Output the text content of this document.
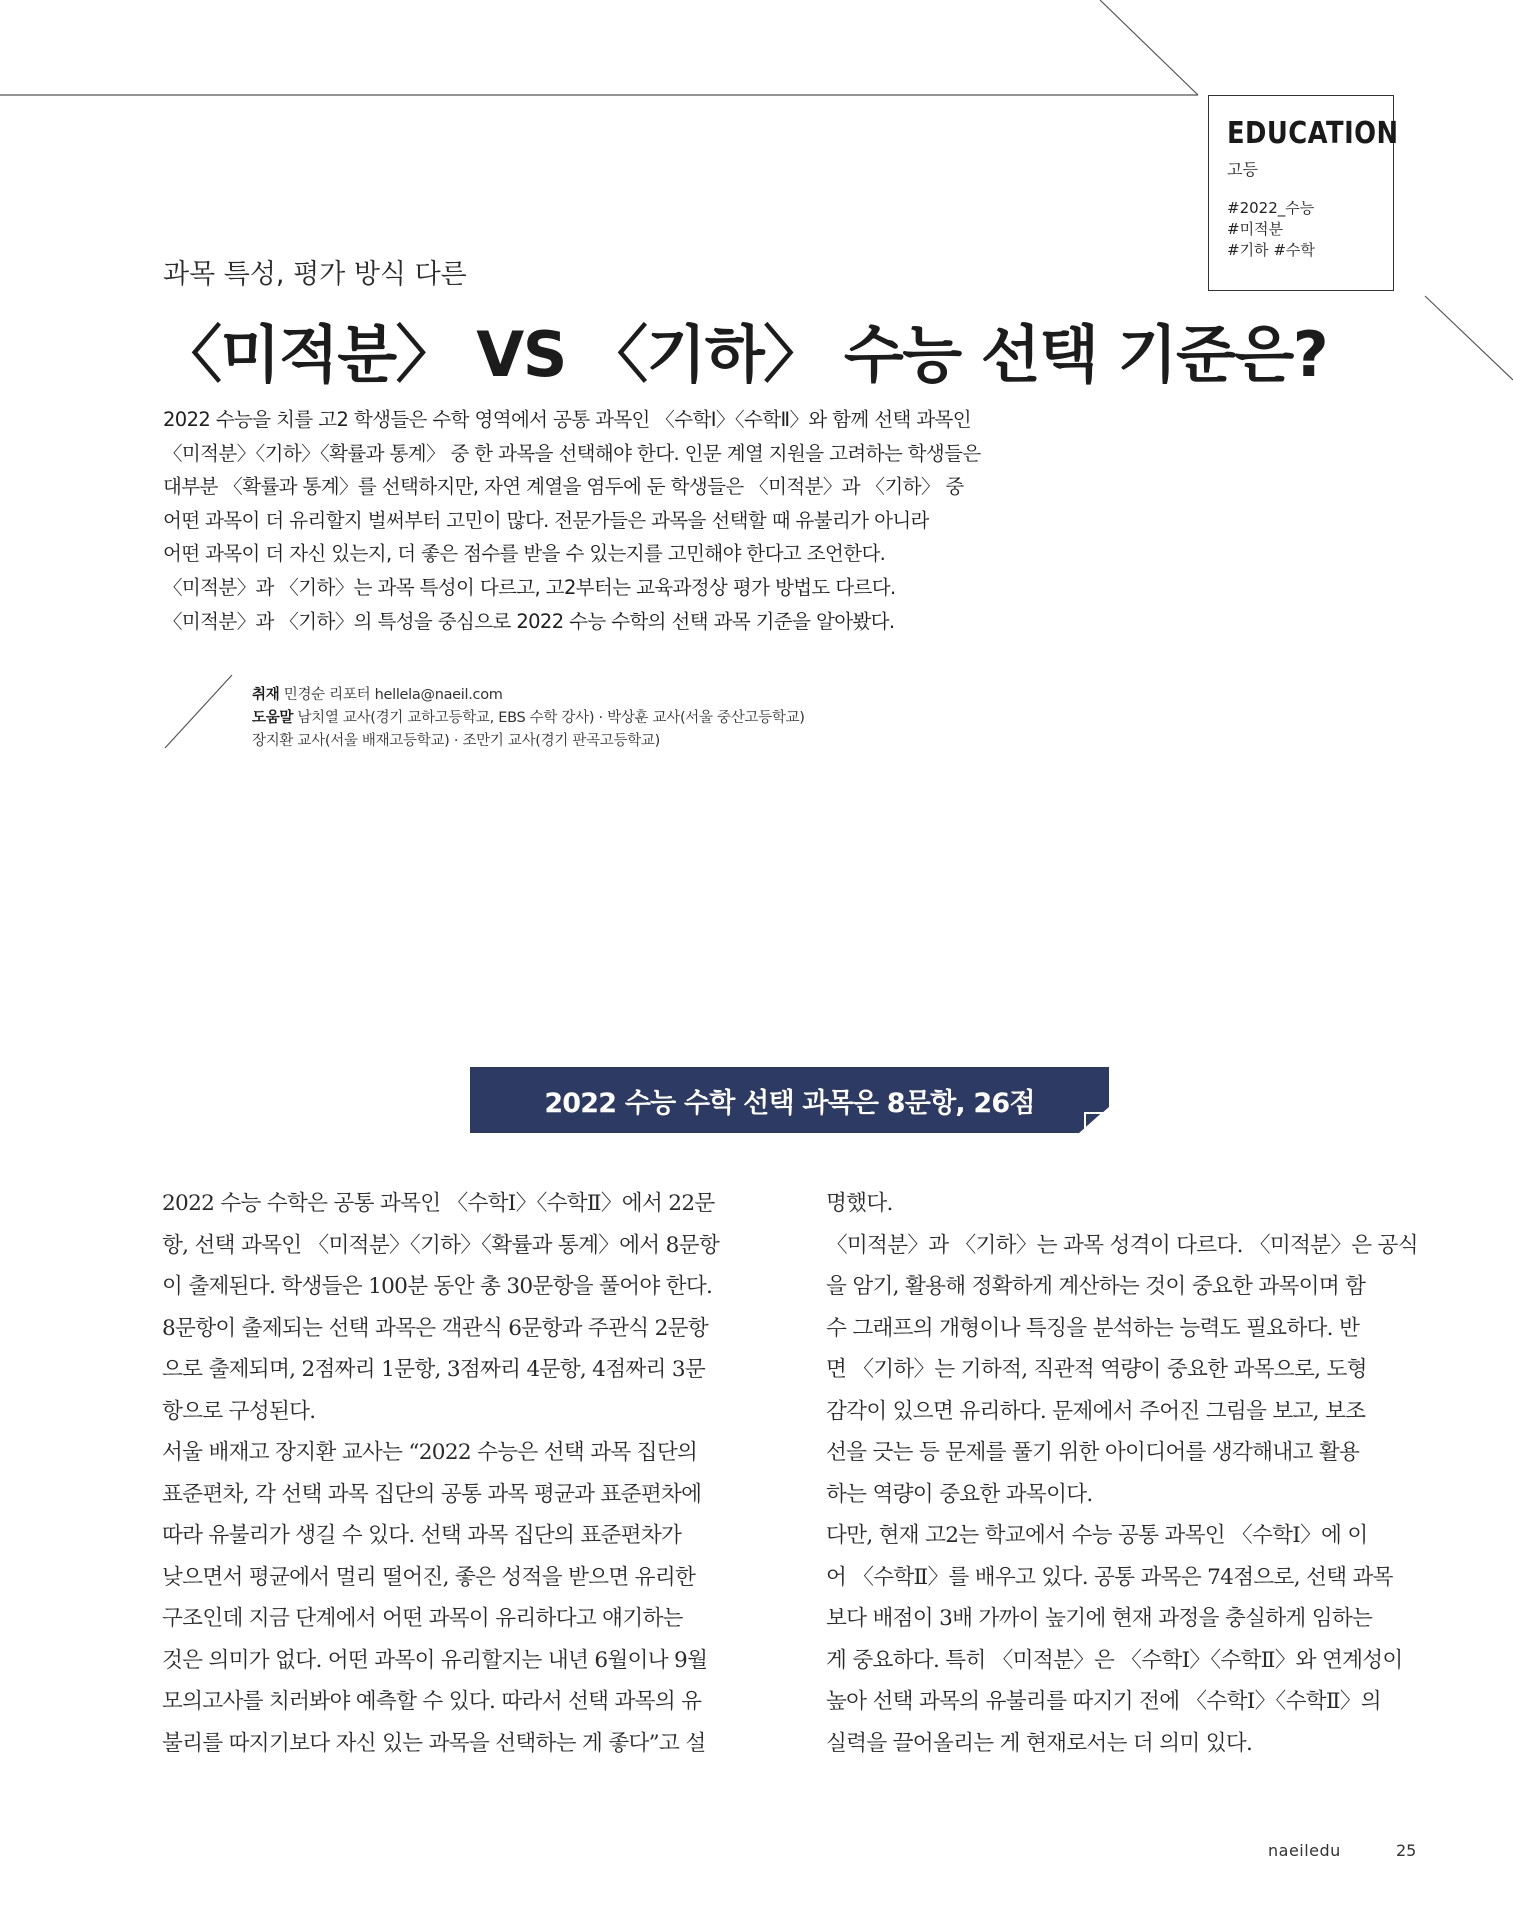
EDUCATION
고등
#2022_수능
#미적분
#기하 #수학
과목 특성, 평가 방식 다른
〈미적분〉 VS 〈기하〉 수능 선택 기준은?

2022 수능을 치를 고2 학생들은 수학 영역에서 공통 과목인 〈수학Ⅰ〉〈수학Ⅱ〉와 함께 선택 과목인

〈미적분〉〈기하〉〈확률과 통계〉 중 한 과목을 선택해야 한다. 인문 계열 지원을 고려하는 학생들은

대부분 〈확률과 통계〉를 선택하지만, 자연 계열을 염두에 둔 학생들은 〈미적분〉과 〈기하〉 중

어떤 과목이 더 유리할지 벌써부터 고민이 많다. 전문가들은 과목을 선택할 때 유불리가 아니라

어떤 과목이 더 자신 있는지, 더 좋은 점수를 받을 수 있는지를 고민해야 한다고 조언한다.

〈미적분〉과 〈기하〉는 과목 특성이 다르고, 고2부터는 교육과정상 평가 방법도 다르다.

〈미적분〉과 〈기하〉의 특성을 중심으로 2022 수능 수학의 선택 과목 기준을 알아봤다.

취재 민경순 리포터 hellela@naeil.com
도움말 남치열 교사(경기 교하고등학교, EBS 수학 강사) · 박상훈 교사(서울 중산고등학교)
장지환 교사(서울 배재고등학교) · 조만기 교사(경기 판곡고등학교)
2022 수능 수학 선택 과목은 8문항, 26점

2022 수능 수학은 공통 과목인 〈수학Ⅰ〉〈수학Ⅱ〉에서 22문

항, 선택 과목인 〈미적분〉〈기하〉〈확률과 통계〉에서 8문항

이 출제된다. 학생들은 100분 동안 총 30문항을 풀어야 한다.

8문항이 출제되는 선택 과목은 객관식 6문항과 주관식 2문항

으로 출제되며, 2점짜리 1문항, 3점짜리 4문항, 4점짜리 3문

항으로 구성된다.

서울 배재고 장지환 교사는 “2022 수능은 선택 과목 집단의

표준편차, 각 선택 과목 집단의 공통 과목 평균과 표준편차에

따라 유불리가 생길 수 있다. 선택 과목 집단의 표준편차가

낮으면서 평균에서 멀리 떨어진, 좋은 성적을 받으면 유리한

구조인데 지금 단계에서 어떤 과목이 유리하다고 얘기하는

것은 의미가 없다. 어떤 과목이 유리할지는 내년 6월이나 9월

모의고사를 치러봐야 예측할 수 있다. 따라서 선택 과목의 유

불리를 따지기보다 자신 있는 과목을 선택하는 게 좋다”고 설

명했다.

〈미적분〉과 〈기하〉는 과목 성격이 다르다. 〈미적분〉은 공식

을 암기, 활용해 정확하게 계산하는 것이 중요한 과목이며 함

수 그래프의 개형이나 특징을 분석하는 능력도 필요하다. 반

면 〈기하〉는 기하적, 직관적 역량이 중요한 과목으로, 도형

감각이 있으면 유리하다. 문제에서 주어진 그림을 보고, 보조

선을 긋는 등 문제를 풀기 위한 아이디어를 생각해내고 활용

하는 역량이 중요한 과목이다.

다만, 현재 고2는 학교에서 수능 공통 과목인 〈수학Ⅰ〉에 이

어 〈수학Ⅱ〉를 배우고 있다. 공통 과목은 74점으로, 선택 과목

보다 배점이 3배 가까이 높기에 현재 과정을 충실하게 임하는

게 중요하다. 특히 〈미적분〉은 〈수학Ⅰ〉〈수학Ⅱ〉와 연계성이

높아 선택 과목의 유불리를 따지기 전에 〈수학Ⅰ〉〈수학Ⅱ〉의

실력을 끌어올리는 게 현재로서는 더 의미 있다.

naeiledu	25
